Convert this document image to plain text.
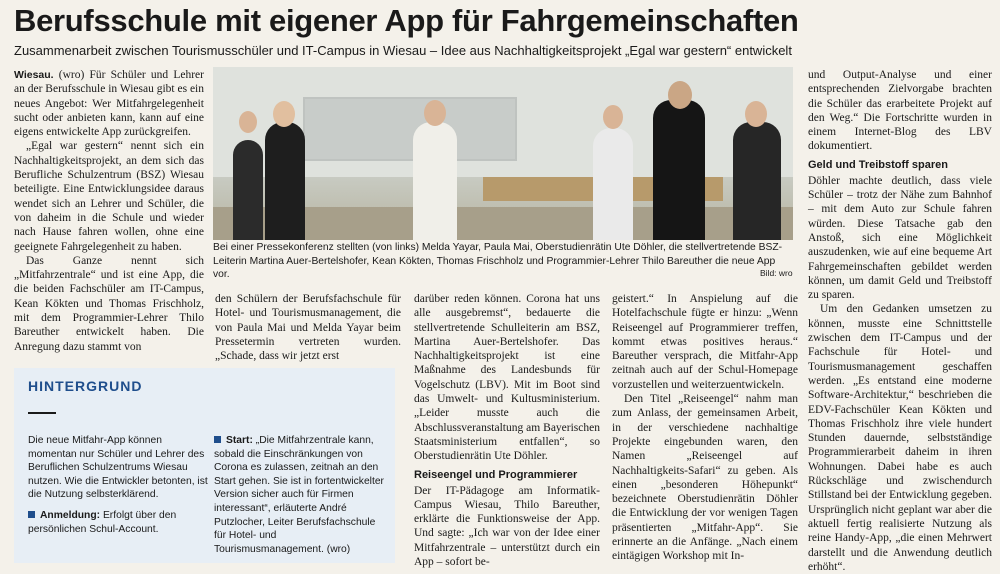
Berufsschule mit eigener App für Fahrgemeinschaften
Zusammenarbeit zwischen Tourismusschüler und IT-Campus in Wiesau – Idee aus Nachhaltigkeitsprojekt „Egal war gestern“ entwickelt

Wiesau. (wro) Für Schüler und Lehrer an der Berufsschule in Wiesau gibt es ein neues Angebot: Wer Mitfahrgelegenheit sucht oder anbieten kann, kann auf eine eigens entwickelte App zurückgreifen.

„Egal war gestern“ nennt sich ein Nachhaltigkeitsprojekt, an dem sich das Berufliche Schulzentrum (BSZ) Wiesau beteiligte. Eine Entwicklungsidee daraus wendet sich an Lehrer und Schüler, die von daheim in die Schule und wieder nach Hause fahren wollen, ohne eine geeignete Fahrgelegenheit zu haben.

Das Ganze nennt sich „Mitfahrzentrale“ und ist eine App, die die beiden Fachschüler am IT-Campus, Kean Kökten und Thomas Frischholz, mit dem Programmier-Lehrer Thilo Bareuther entwickelt haben. Die Anregung dazu stammt von

Bei einer Pressekonferenz stellten (von links) Melda Yayar, Paula Mai, Oberstudienrätin Ute Döhler, die stellvertretende BSZ-Leiterin Martina Auer-Bertelshofer, Kean Kökten, Thomas Frischholz und Programmier-Lehrer Thilo Bareuther die neue App vor.	Bild: wro

den Schülern der Berufsfachschule für Hotel- und Tourismusmanagement, die von Paula Mai und Melda Yayar beim Pressetermin vertreten wurden. „Schade, dass wir jetzt erst

darüber reden können. Corona hat uns alle ausgebremst“, bedauerte die stellvertretende Schulleiterin am BSZ, Martina Auer-Bertelshofer. Das Nachhaltigkeitsprojekt ist eine Maßnahme des Landesbunds für Vogelschutz (LBV). Mit im Boot sind das Umwelt- und Kultusministerium. „Leider musste auch die Abschlussveranstaltung am Bayerischen Staatsministerium entfallen“, so Oberstudienrätin Ute Döhler.

Reiseengel und Programmierer

Der IT-Pädagoge am Informatik-Campus Wiesau, Thilo Bareuther, erklärte die Funktionsweise der App. Und sagte: „Ich war von der Idee einer Mitfahrzentrale – unterstützt durch ein App – sofort be-

geistert.“ In Anspielung auf die Hotelfachschule fügte er hinzu: „Wenn Reiseengel auf Programmierer treffen, kommt etwas positives heraus.“ Bareuther versprach, die Mitfahr-App zeitnah auch auf der Schul-Homepage vorzustellen und weiterzuentwickeln.

Den Titel „Reiseengel“ nahm man zum Anlass, der gemeinsamen Arbeit, in der verschiedene nachhaltige Projekte eingebunden waren, den Namen „Reiseengel auf Nachhaltigkeits-Safari“ zu geben. Als einen „besonderen Höhepunkt“ bezeichnete Oberstudienrätin Döhler die Entwicklung der vor wenigen Tagen präsentierten „Mitfahr-App“. Sie erinnerte an die Anfänge. „Nach einem eintägigen Workshop mit In-

und Output-Analyse und einer entsprechenden Zielvorgabe brachten die Schüler das erarbeitete Projekt auf den Weg.“ Die Fortschritte wurden in einem Internet-Blog des LBV dokumentiert.

Geld und Treibstoff sparen

Döhler machte deutlich, dass viele Schüler – trotz der Nähe zum Bahnhof – mit dem Auto zur Schule fahren würden. Diese Tatsache gab den Anstoß, sich eine Möglichkeit auszudenken, wie auf eine bequeme Art Fahrgemeinschaften gebildet werden können, um damit Geld und Treibstoff zu sparen.

Um den Gedanken umsetzen zu können, musste eine Schnittstelle zwischen dem IT-Campus und der Fachschule für Hotel- und Tourismusmanagement geschaffen werden. „Es entstand eine moderne Software-Architektur,“ beschrieben die EDV-Fachschüler Kean Kökten und Thomas Frischholz ihre viele hundert Stunden dauernde, selbstständige Programmierarbeit daheim in ihren Wohnungen. Dabei habe es auch Rückschläge und zwischendurch Stillstand bei der Entwicklung gegeben. Ursprünglich nicht geplant war aber die aktuell fertig realisierte Nutzung als reine Handy-App, „die einen Mehrwert darstellt und die Anwendung deutlich erhöht“.

HINTERGRUND
Die neue Mitfahr-App können momentan nur Schüler und Lehrer des Beruflichen Schulzentrums Wiesau nutzen. Wie die Entwickler betonten, ist die Nutzung selbsterklärend.
Anmeldung: Erfolgt über den persönlichen Schul-Account.
Start: „Die Mitfahrzentrale kann, sobald die Einschränkungen von Corona es zulassen, zeitnah an den Start gehen. Sie ist in fortentwickelter Version sicher auch für Firmen interessant“, erläuterte André Putzlocher, Leiter Berufsfachschule für Hotel- und Tourismusmanagement. (wro)
